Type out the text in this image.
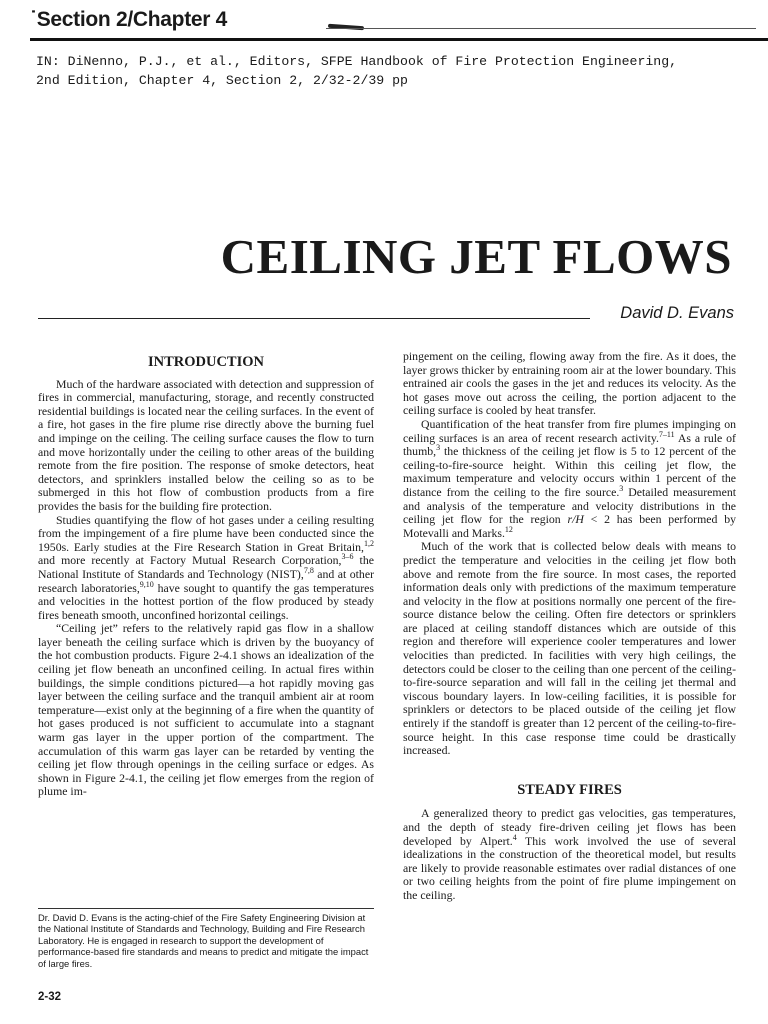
˙Section 2/Chapter 4

IN: DiNenno, P.J., et al., Editors, SFPE Handbook of Fire Protection Engineering,
2nd Edition, Chapter 4, Section 2, 2/32-2/39 pp

CEILING JET FLOWS
David D. Evans
INTRODUCTION

Much of the hardware associated with detection and suppression of fires in commercial, manufacturing, storage, and recently constructed residential buildings is located near the ceiling surfaces. In the event of a fire, hot gases in the fire plume rise directly above the burning fuel and impinge on the ceiling. The ceiling surface causes the flow to turn and move horizontally under the ceiling to other areas of the building remote from the fire position. The response of smoke detectors, heat detectors, and sprinklers installed below the ceiling so as to be submerged in this hot flow of combustion products from a fire provides the basis for the building fire protection.

Studies quantifying the flow of hot gases under a ceiling resulting from the impingement of a fire plume have been conducted since the 1950s. Early studies at the Fire Research Station in Great Britain,$^{1,2}$ and more recently at Factory Mutual Research Corporation,$^{3-6}$ the National Institute of Standards and Technology (NIST),$^{7,8}$ and at other research laboratories,$^{9,10}$ have sought to quantify the gas temperatures and velocities in the hottest portion of the flow produced by steady fires beneath smooth, unconfined horizontal ceilings.

“Ceiling jet” refers to the relatively rapid gas flow in a shallow layer beneath the ceiling surface which is driven by the buoyancy of the hot combustion products. Figure 2-4.1 shows an idealization of the ceiling jet flow beneath an unconfined ceiling. In actual fires within buildings, the simple conditions pictured—a hot rapidly moving gas layer between the ceiling surface and the tranquil ambient air at room temperature—exist only at the beginning of a fire when the quantity of hot gases produced is not sufficient to accumulate into a stagnant warm gas layer in the upper portion of the compartment. The accumulation of this warm gas layer can be retarded by venting the ceiling jet flow through openings in the ceiling surface or edges. As shown in Figure 2-4.1, the ceiling jet flow emerges from the region of plume im-

Dr. David D. Evans is the acting-chief of the Fire Safety Engineering Division at the National Institute of Standards and Technology, Building and Fire Research Laboratory. He is engaged in research to support the development of performance-based fire standards and means to predict and mitigate the impact of large fires.

2-32

pingement on the ceiling, flowing away from the fire. As it does, the layer grows thicker by entraining room air at the lower boundary. This entrained air cools the gases in the jet and reduces its velocity. As the hot gases move out across the ceiling, the portion adjacent to the ceiling surface is cooled by heat transfer.

Quantification of the heat transfer from fire plumes impinging on ceiling surfaces is an area of recent research activity.$^{7-11}$ As a rule of thumb,$^3$ the thickness of the ceiling jet flow is 5 to 12 percent of the ceiling-to-fire-source height. Within this ceiling jet flow, the maximum temperature and velocity occurs within 1 percent of the distance from the ceiling to the fire source.$^3$ Detailed measurement and analysis of the temperature and velocity distributions in the ceiling jet flow for the region r/H < 2 has been performed by Motevalli and Marks.$^{12}$

Much of the work that is collected below deals with means to predict the temperature and velocities in the ceiling jet flow both above and remote from the fire source. In most cases, the reported information deals only with predictions of the maximum temperature and velocity in the flow at positions normally one percent of the fire-source distance below the ceiling. Often fire detectors or sprinklers are placed at ceiling standoff distances which are outside of this region and therefore will experience cooler temperatures and lower velocities than predicted. In facilities with very high ceilings, the detectors could be closer to the ceiling than one percent of the ceiling-to-fire-source separation and will fall in the ceiling jet thermal and viscous boundary layers. In low-ceiling facilities, it is possible for sprinklers or detectors to be placed outside of the ceiling jet flow entirely if the standoff is greater than 12 percent of the ceiling-to-fire-source height. In this case response time could be drastically increased.

STEADY FIRES

A generalized theory to predict gas velocities, gas temperatures, and the depth of steady fire-driven ceiling jet flows has been developed by Alpert.$^4$ This work involved the use of several idealizations in the construction of the theoretical model, but results are likely to provide reasonable estimates over radial distances of one or two ceiling heights from the point of fire plume impingement on the ceiling.
